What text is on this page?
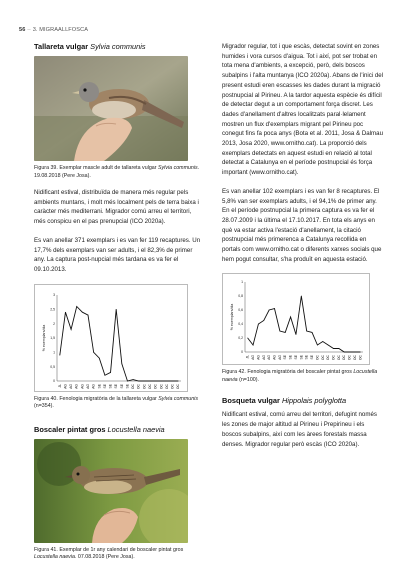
56 ·· 3. MIGRAALLFOSCA
Tallareta vulgar Sylvia communis
Figura 39. Exemplar mascle adult de tallareta vulgar Sylvia communis. 19.08.2018 (Pere Josa).

Nidificant estival, distribuïda de manera més regular pels ambients muntans, i molt més localment pels de terra baixa i caràcter més mediterrani. Migrador comú arreu el territori, més conspicu en el pas prenupcial (ICO 2020a).

Es van anellar 371 exemplars i es van fer 119 recaptures. Un 17,7% dels exemplars van ser adults, i el 82,3% de primer any. La captura post-nupcial més tardana es va fer el 09.10.2013.

0
0,5
1
1,5
2
2,5
3
% exemplars/dia
JL AG AG AG AG AG AG SE SE SE SE SE SE OC OC OC OC OC OC OC OC OC
Figura 40. Fenologia migratòria de la tallareta vulgar Sylvia communis (n=354).
Boscaler pintat gros Locustella naevia
Figura 41. Exemplar de 1r any calendari de boscaler pintat gros Locustella naevia. 07.08.2018 (Pere Josa).

Migrador regular, tot i que escàs, detectat sovint en zones humides i vora cursos d'aigua. Tot i així, pot ser trobat en tota mena d'ambients, a excepció, però, dels boscos subalpins i l'alta muntanya (ICO 2020a). Abans de l'inici del present estudi eren escasses les dades durant la migració postnupcial al Pirineu. A la tardor aquesta espècie és difícil de detectar degut a un comportament força discret. Les dades d'anellament d'altres localitzats paral·lelament mostren un flux d'exemplars migrant pel Pirineu poc conegut fins fa poca anys (Bota et al. 2011, Josa & Dalmau 2013, Josa 2020, www.ornitho.cat). La proporció dels exemplars detectats en aquest estudi en relació al total detectat a Catalunya en el període postnupcial és força important (www.ornitho.cat).

Es van anellar 102 exemplars i es van fer 8 recaptures. El 5,8% van ser exemplars adults, i el 94,1% de primer any. En el període postnupcial la primera captura es va fer el 28.07.2009 i la última el 17.10.2017. En tota els anys en què va estar activa l'estació d'anellament, la citació postnupcial més primerenca a Catalunya recollida en portals com www.ornitho.cat o diferents xarxes socials que hem pogut consultar, s'ha produït en aquesta estació.

0
0,2
0,4
0,6
0,8
1
% exemplars/dia
JL AG AG AG AG AG AG SE SE SE SE SE SE OC OC OC OC OC OC OC OC OC
Figura 42. Fenologia migratòria del boscaler pintat gros Locustella naevia (n=100).
Bosqueta vulgar Hippolais polyglotta

Nidificant estival, comú arreu del territori, defugint només les zones de major altitud al Pirineu i Prepirineu i els boscos subalpins, així com les àrees forestals massa denses. Migrador regular però escàs (ICO 2020a).
